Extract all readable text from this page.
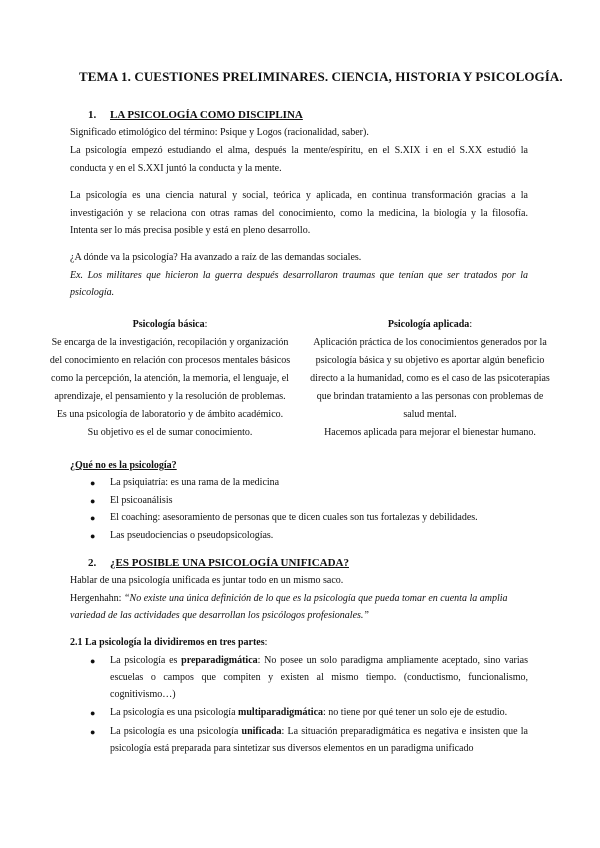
TEMA 1. CUESTIONES PRELIMINARES. CIENCIA, HISTORIA Y PSICOLOGÍA.
1. LA PSICOLOGÍA COMO DISCIPLINA
Significado etimológico del término: Psique y Logos (racionalidad, saber).
La psicología empezó estudiando el alma, después la mente/espíritu, en el S.XIX i en el S.XX estudió la
conducta y en el S.XXI juntó la conducta y la mente.
La psicología es una ciencia natural y social, teórica y aplicada, en continua transformación gracias a la
investigación y se relaciona con otras ramas del conocimiento, como la medicina, la biología y la filosofía.
Intenta ser lo más precisa posible y está en pleno desarrollo.
¿A dónde va la psicología? Ha avanzado a raíz de las demandas sociales.
Ex. Los militares que hicieron la guerra después desarrollaron traumas que tenían que ser tratados por la
psicología.
Psicología básica:
Se encarga de la investigación, recopilación y organización
del conocimiento en relación con procesos mentales básicos
como la percepción, la atención, la memoria, el lenguaje, el
aprendizaje, el pensamiento y la resolución de problemas.
Es una psicología de laboratorio y de ámbito académico.
Su objetivo es el de sumar conocimiento.
Psicología aplicada:
Aplicación práctica de los conocimientos generados por la
psicología básica y su objetivo es aportar algún beneficio
directo a la humanidad, como es el caso de las psicoterapias
que brindan tratamiento a las personas con problemas de
salud mental.
Hacemos aplicada para mejorar el bienestar humano.
¿Qué no es la psicología?
● La psiquiatría: es una rama de la medicina
● El psicoanálisis
● El coaching: asesoramiento de personas que te dicen cuales son tus fortalezas y debilidades.
● Las pseudociencias o pseudopsicologías.
2. ¿ES POSIBLE UNA PSICOLOGÍA UNIFICADA?
Hablar de una psicología unificada es juntar todo en un mismo saco.
Hergenhahn: “No existe una única definición de lo que es la psicología que pueda tomar en cuenta la amplia
variedad de las actividades que desarrollan los psicólogos profesionales.”
2.1 La psicología la dividiremos en tres partes:
● La psicología es preparadigmática: No posee un solo paradigma ampliamente aceptado, sino varias
escuelas o campos que compiten y existen al mismo tiempo. (conductismo, funcionalismo,
cognitivismo…)
● La psicología es una psicología multiparadigmática: no tiene por qué tener un solo eje de estudio.
● La psicología es una psicología unificada: La situación preparadigmática es negativa e insisten que la
psicología está preparada para sintetizar sus diversos elementos en un paradigma unificado
